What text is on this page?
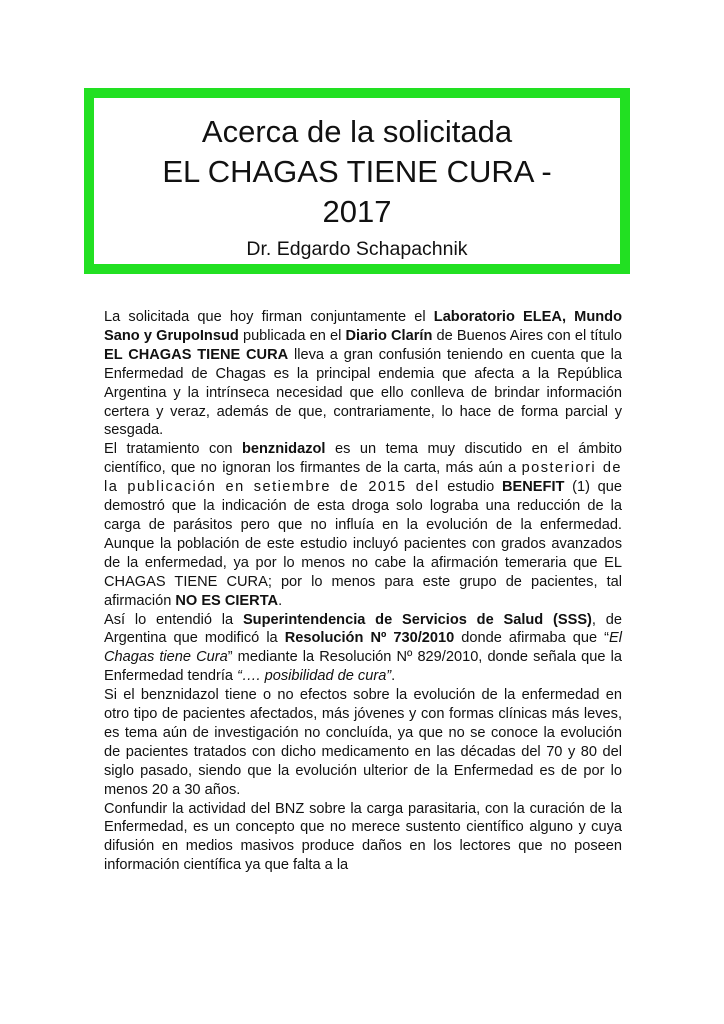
Acerca de la solicitada
EL CHAGAS TIENE CURA -
2017
Dr. Edgardo Schapachnik

La solicitada que hoy firman conjuntamente el Laboratorio ELEA, Mundo Sano y GrupoInsud publicada en el Diario Clarín de Buenos Aires con el título EL CHAGAS TIENE CURA lleva a gran confusión teniendo en cuenta que la Enfermedad de Chagas es la principal endemia que afecta a la República Argentina y la intrínseca necesidad que ello conlleva de brindar información certera y veraz, además de que, contrariamente, lo hace de forma parcial y sesgada.

El tratamiento con benznidazol es un tema muy discutido en el ámbito científico, que no ignoran los firmantes de la carta, más aún a posteriori de la publicación en setiembre de 2015 del estudio BENEFIT (1) que demostró que la indicación de esta droga solo lograba una reducción de la carga de parásitos pero que no influía en la evolución de la enfermedad. Aunque la población de este estudio incluyó pacientes con grados avanzados de la enfermedad, ya por lo menos no cabe la afirmación temeraria que EL CHAGAS TIENE CURA; por lo menos para este grupo de pacientes, tal afirmación NO ES CIERTA.

Así lo entendió la Superintendencia de Servicios de Salud (SSS), de Argentina que modificó la Resolución Nº 730/2010 donde afirmaba que “El Chagas tiene Cura” mediante la Resolución Nº 829/2010, donde señala que la Enfermedad tendría “…. posibilidad de cura”.

Si el benznidazol tiene o no efectos sobre la evolución de la enfermedad en otro tipo de pacientes afectados, más jóvenes y con formas clínicas más leves, es tema aún de investigación no concluída, ya que no se conoce la evolución de pacientes tratados con dicho medicamento en las décadas del 70 y 80 del siglo pasado, siendo que la evolución ulterior de la Enfermedad es de por lo menos 20 a 30 años.

Confundir la actividad del BNZ sobre la carga parasitaria, con la curación de la Enfermedad, es un concepto que no merece sustento científico alguno y cuya difusión en medios masivos produce daños en los lectores que no poseen información científica ya que falta a la
